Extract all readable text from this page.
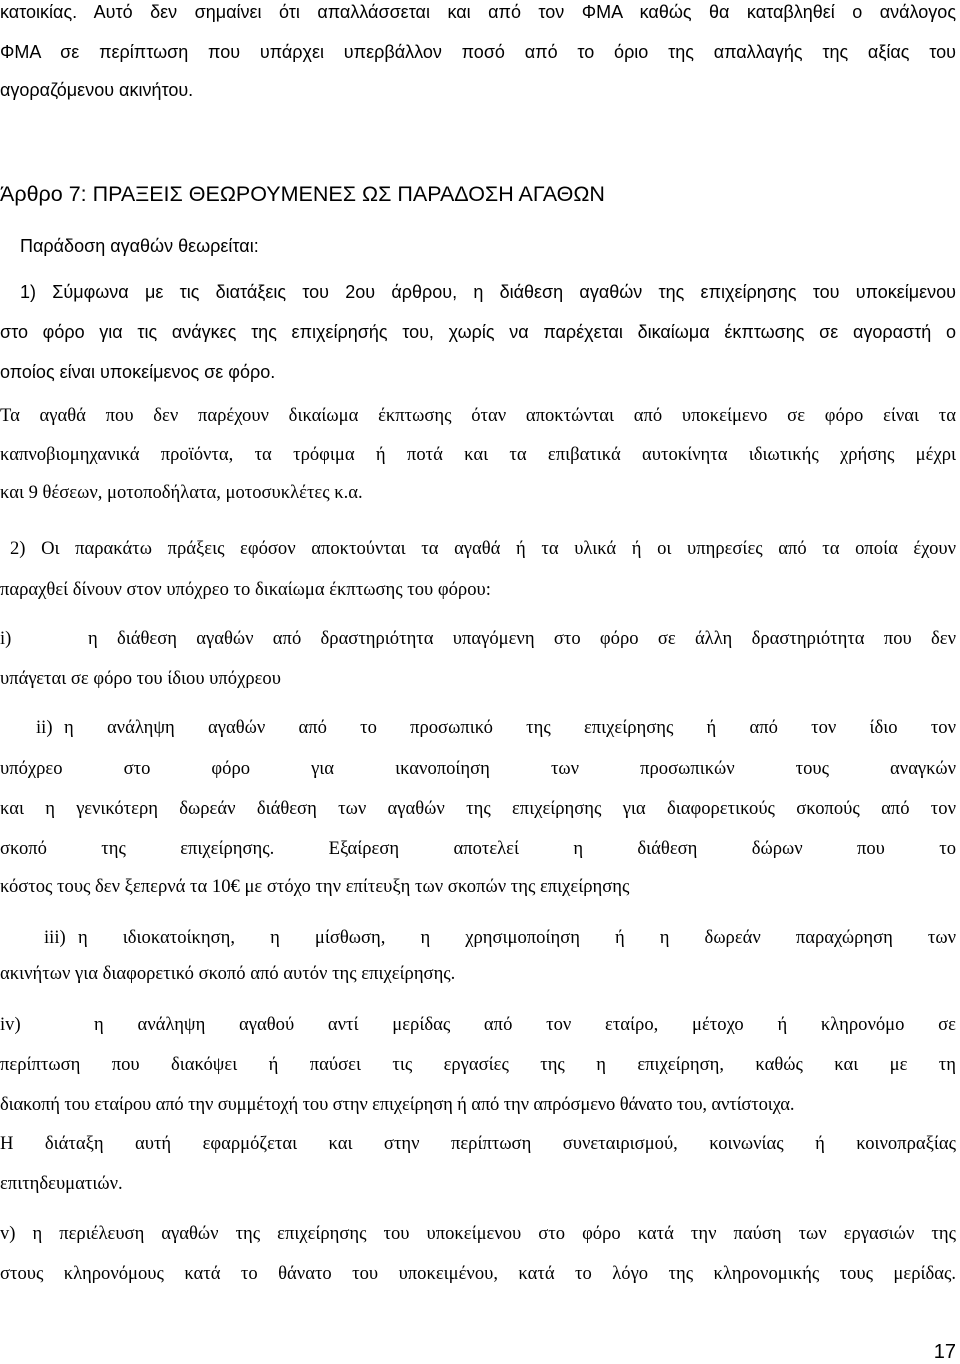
κατοικίας. Αυτό δεν σημαίνει ότι απαλλάσσεται και από τον ΦΜΑ καθώς θα καταβληθεί ο ανάλογος
ΦΜΑ σε περίπτωση που υπάρχει υπερβάλλον ποσό από το όριο της απαλλαγής της αξίας του
αγοραζόμενου ακινήτου.
Άρθρο 7: ΠΡΑΞΕΙΣ ΘΕΩΡΟΥΜΕΝΕΣ ΩΣ ΠΑΡΑΔΟΣΗ ΑΓΑΘΩΝ
Παράδοση αγαθών θεωρείται:
1) Σύμφωνα με τις διατάξεις του 2ου άρθρου, η διάθεση αγαθών της επιχείρησης του υποκείμενου
στο φόρο για τις ανάγκες της επιχείρησής του, χωρίς να παρέχεται δικαίωμα έκπτωσης σε αγοραστή ο
οποίος είναι υποκείμενος σε φόρο.
Τα αγαθά που δεν παρέχουν δικαίωμα έκπτωσης όταν αποκτώνται από υποκείμενο σε φόρο είναι τα
καπνοβιομηχανικά προϊόντα, τα τρόφιμα ή ποτά και τα επιβατικά αυτοκίνητα ιδιωτικής χρήσης μέχρι
και 9 θέσεων, μοτοποδήλατα, μοτοσυκλέτες κ.α.
2) Οι παρακάτω πράξεις εφόσον αποκτούνται τα αγαθά ή τα υλικά ή οι υπηρεσίες από τα οποία έχουν
παραχθεί δίνουν στον υπόχρεο το δικαίωμα έκπτωσης του φόρου:
i)	η διάθεση αγαθών από δραστηριότητα υπαγόμενη στο φόρο σε άλλη δραστηριότητα που δεν
υπάγεται σε φόρο του ίδιου υπόχρεου
ii) η ανάληψη αγαθών από το προσωπικό της επιχείρησης ή από τον ίδιο τον
υπόχρεο στο φόρο για ικανοποίηση των προσωπικών τους αναγκών
και η γενικότερη δωρεάν διάθεση των αγαθών της επιχείρησης για διαφορετικούς σκοπούς από τον
σκοπό της επιχείρησης. Εξαίρεση αποτελεί η διάθεση δώρων που το
κόστος τους δεν ξεπερνά τα 10€ με στόχο την επίτευξη των σκοπών της επιχείρησης
iii) η ιδιοκατοίκηση, η μίσθωση, η χρησιμοποίηση ή η δωρεάν παραχώρηση των
ακινήτων για διαφορετικό σκοπό από αυτόν της επιχείρησης.
iv)	η ανάληψη αγαθού αντί μερίδας από τον εταίρο, μέτοχο ή κληρονόμο σε
περίπτωση που διακόψει ή παύσει τις εργασίες της η επιχείρηση, καθώς και με τη
διακοπή του εταίρου από την συμμέτοχή του στην επιχείρηση ή από την απρόσμενο θάνατο του, αντίστοιχα.
Η διάταξη αυτή εφαρμόζεται και στην περίπτωση συνεταιρισμού, κοινωνίας ή κοινοπραξίας
επιτηδευματιών.
v) η περιέλευση αγαθών της επιχείρησης του υποκείμενου στο φόρο κατά την παύση των εργασιών της
στους κληρονόμους κατά το θάνατο του υποκειμένου, κατά το λόγο της κληρονομικής τους μερίδας.
17
